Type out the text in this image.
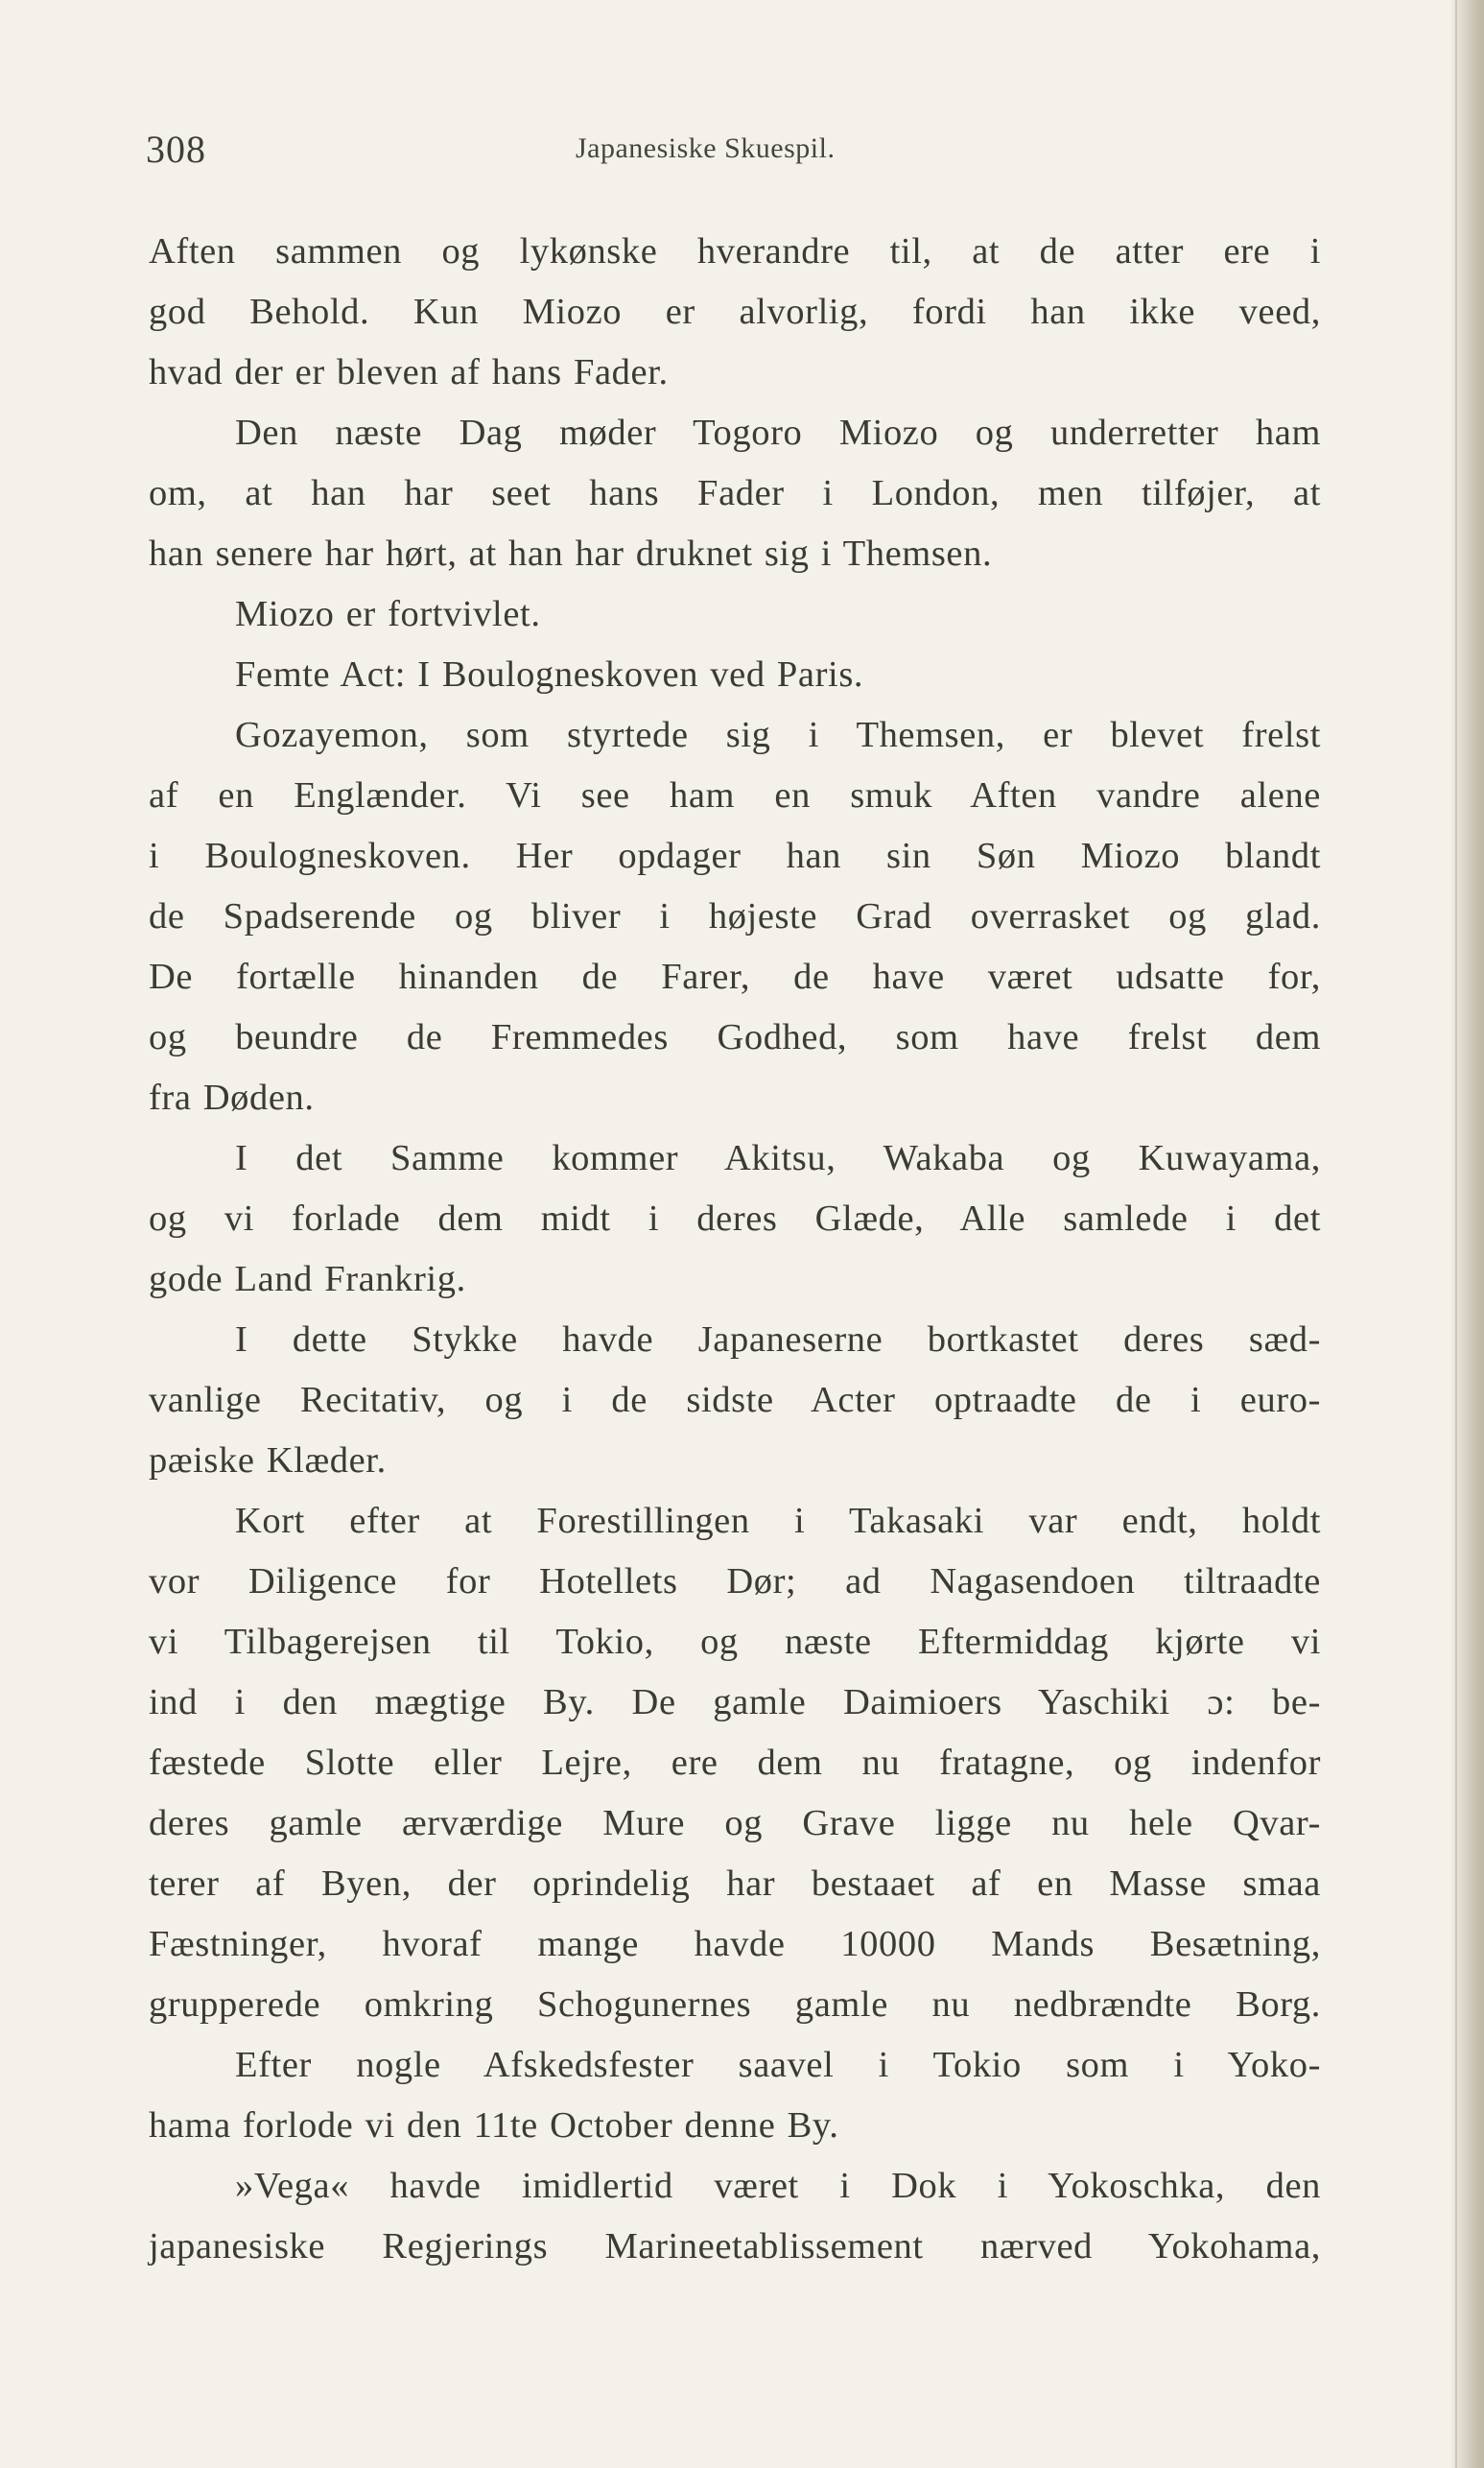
308	Japanesiske Skuespil.
Aften sammen og lykønske hverandre til, at de atter ere i
god Behold. Kun Miozo er alvorlig, fordi han ikke veed,
hvad der er bleven af hans Fader.
Den næste Dag møder Togoro Miozo og underretter ham
om, at han har seet hans Fader i London, men tilføjer, at
han senere har hørt, at han har druknet sig i Themsen.
Miozo er fortvivlet.
Femte Act: I Boulogneskoven ved Paris.
Gozayemon, som styrtede sig i Themsen, er blevet frelst
af en Englænder. Vi see ham en smuk Aften vandre alene
i Boulogneskoven. Her opdager han sin Søn Miozo blandt
de Spadserende og bliver i højeste Grad overrasket og glad.
De fortælle hinanden de Farer, de have været udsatte for,
og beundre de Fremmedes Godhed, som have frelst dem
fra Døden.
I det Samme kommer Akitsu, Wakaba og Kuwayama,
og vi forlade dem midt i deres Glæde, Alle samlede i det
gode Land Frankrig.
I dette Stykke havde Japaneserne bortkastet deres sæd-
vanlige Recitativ, og i de sidste Acter optraadte de i euro-
pæiske Klæder.
Kort efter at Forestillingen i Takasaki var endt, holdt
vor Diligence for Hotellets Dør; ad Nagasendoen tiltraadte
vi Tilbagerejsen til Tokio, og næste Eftermiddag kjørte vi
ind i den mægtige By. De gamle Daimioers Yaschiki ɔ: be-
fæstede Slotte eller Lejre, ere dem nu fratagne, og indenfor
deres gamle ærværdige Mure og Grave ligge nu hele Qvar-
terer af Byen, der oprindelig har bestaaet af en Masse smaa
Fæstninger, hvoraf mange havde 10000 Mands Besætning,
grupperede omkring Schogunernes gamle nu nedbrændte Borg.
Efter nogle Afskedsfester saavel i Tokio som i Yoko-
hama forlode vi den 11te October denne By.
»Vega« havde imidlertid været i Dok i Yokoschka, den
japanesiske Regjerings Marineetablissement nærved Yokohama,
